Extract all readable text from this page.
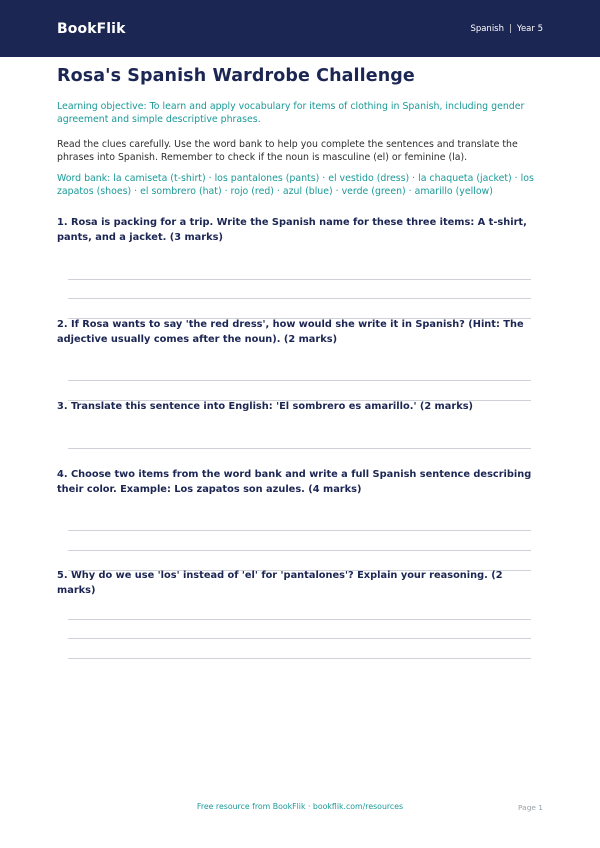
BookFlik	Spanish | Year 5
Rosa's Spanish Wardrobe Challenge

Learning objective: To learn and apply vocabulary for items of clothing in Spanish, including gender agreement and simple descriptive phrases.

Read the clues carefully. Use the word bank to help you complete the sentences and translate the phrases into Spanish. Remember to check if the noun is masculine (el) or feminine (la).

Word bank: la camiseta (t-shirt) · los pantalones (pants) · el vestido (dress) · la chaqueta (jacket) · los zapatos (shoes) · el sombrero (hat) · rojo (red) · azul (blue) · verde (green) · amarillo (yellow)

1. Rosa is packing for a trip. Write the Spanish name for these three items: A t-shirt, pants, and a jacket. (3 marks)

2. If Rosa wants to say 'the red dress', how would she write it in Spanish? (Hint: The adjective usually comes after the noun). (2 marks)

3. Translate this sentence into English: 'El sombrero es amarillo.' (2 marks)

4. Choose two items from the word bank and write a full Spanish sentence describing their color. Example: Los zapatos son azules. (4 marks)

5. Why do we use 'los' instead of 'el' for 'pantalones'? Explain your reasoning. (2 marks)

Free resource from BookFlik · bookflik.com/resources	Page 1
